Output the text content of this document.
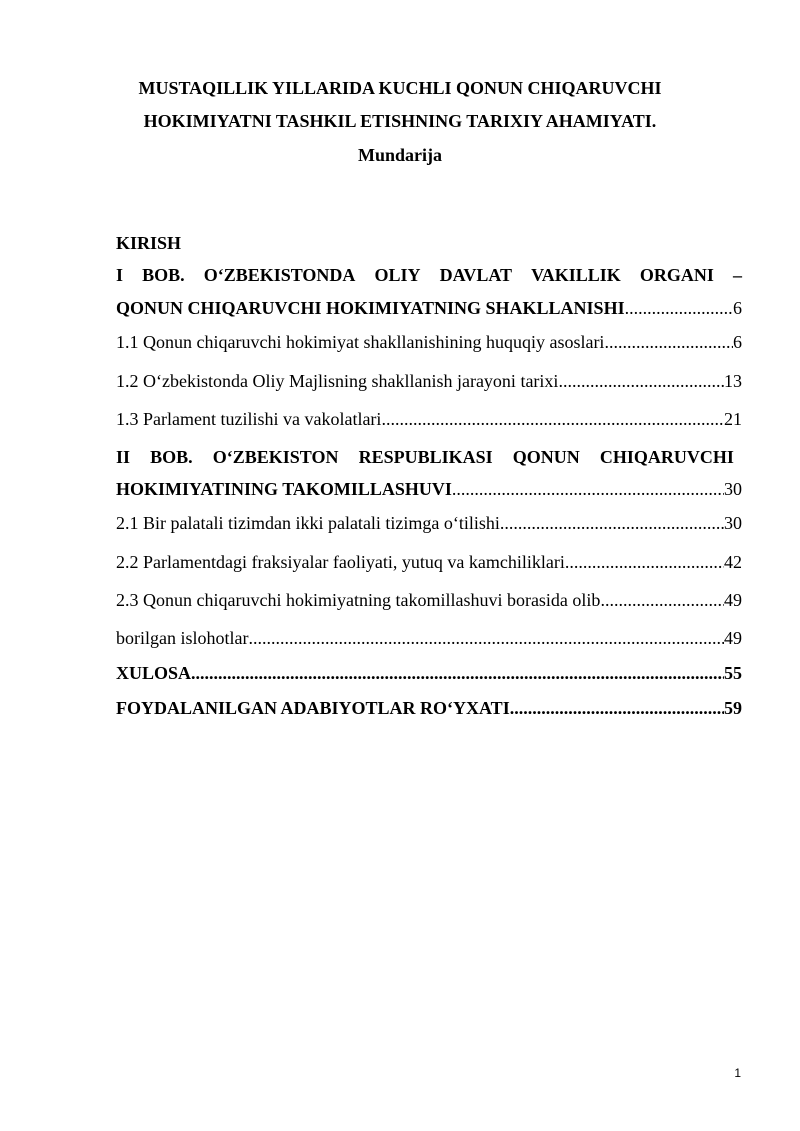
MUSTAQILLIK YILLARIDA KUCHLI QONUN CHIQARUVCHI
HOKIMIYATNI TASHKIL ETISHNING TARIXIY AHAMIYATI.
Mundarija
KIRISH
I BOB. O‘ZBEKISTONDA OLIY DAVLAT VAKILLIK ORGANI –
QONUN CHIQARUVCHI HOKIMIYATNING SHAKLLANISHI .....	6
1.1 Qonun chiqaruvchi hokimiyat shakllanishining huquqiy asoslari .....	6
1.2 O‘zbekistonda Oliy Majlisning shakllanish jarayoni tarixi .....	13
1.3 Parlament tuzilishi va vakolatlari .....	21
II BOB. O‘ZBEKISTON RESPUBLIKASI QONUN CHIQARUVCHI
HOKIMIYATINING TAKOMILLASHUVI .....	30
2.1 Bir palatali tizimdan ikki palatali tizimga o‘tilishi .....	30
2.2 Parlamentdagi fraksiyalar faoliyati, yutuq va kamchiliklari .....	42
2.3 Qonun chiqaruvchi hokimiyatning takomillashuvi borasida olib .....	49
borilgan islohotlar .....	49
XULOSA .....	55
FOYDALANILGAN ADABIYOTLAR RO‘YXATI .....	59
1
